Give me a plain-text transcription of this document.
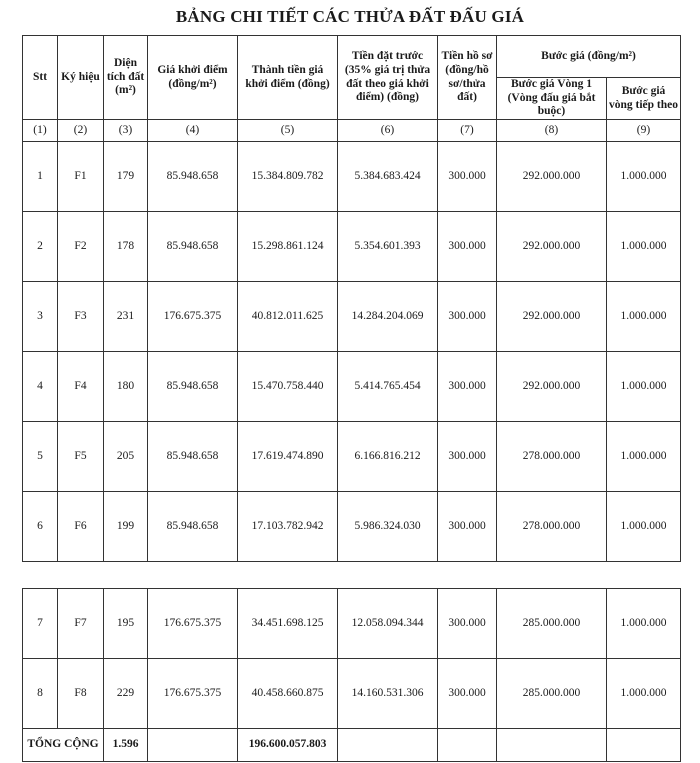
BẢNG CHI TIẾT CÁC THỬA ĐẤT ĐẤU GIÁ
Stt	Ký hiệu	Diện tích đất (m²)	Giá khởi điểm (đồng/m²)	Thành tiền giá khởi điểm (đồng)	Tiền đặt trước (35% giá trị thửa đất theo giá khởi điểm) (đồng)	Tiền hồ sơ (đồng/hồ sơ/thửa đất)	Bước giá (đồng/m²)	
							Bước giá Vòng 1 (Vòng đấu giá bắt buộc)	Bước giá vòng tiếp theo
(1)	(2)	(3)	(4)	(5)	(6)	(7)	(8)	(9)
1	F1	179	85.948.658	15.384.809.782	5.384.683.424	300.000	292.000.000	1.000.000
2	F2	178	85.948.658	15.298.861.124	5.354.601.393	300.000	292.000.000	1.000.000
3	F3	231	176.675.375	40.812.011.625	14.284.204.069	300.000	292.000.000	1.000.000
4	F4	180	85.948.658	15.470.758.440	5.414.765.454	300.000	292.000.000	1.000.000
5	F5	205	85.948.658	17.619.474.890	6.166.816.212	300.000	278.000.000	1.000.000
6	F6	199	85.948.658	17.103.782.942	5.986.324.030	300.000	278.000.000	1.000.000
7	F7	195	176.675.375	34.451.698.125	12.058.094.344	300.000	285.000.000	1.000.000
8	F8	229	176.675.375	40.458.660.875	14.160.531.306	300.000	285.000.000	1.000.000
TỔNG CỘNG		1.596		196.600.057.803				
